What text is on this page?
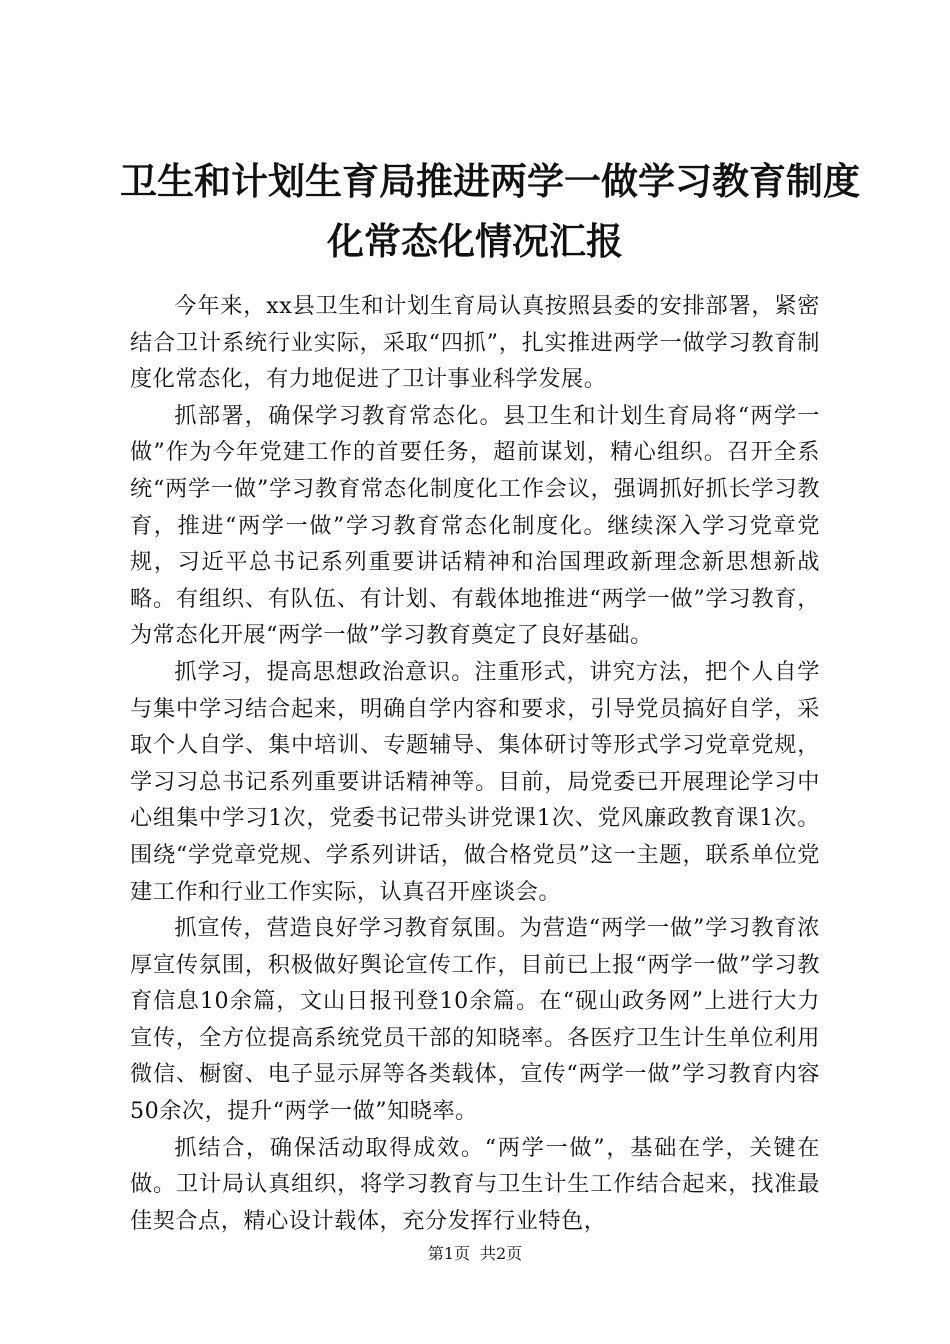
卫生和计划生育局推进两学一做学习教育制度
化常态化情况汇报

今年来，xx县卫生和计划生育局认真按照县委的安排部署，紧密结合卫计系统行业实际，采取“四抓”，扎实推进两学一做学习教育制度化常态化，有力地促进了卫计事业科学发展。

抓部署，确保学习教育常态化。县卫生和计划生育局将“两学一做”作为今年党建工作的首要任务，超前谋划，精心组织。召开全系统“两学一做”学习教育常态化制度化工作会议，强调抓好抓长学习教育，推进“两学一做”学习教育常态化制度化。继续深入学习党章党规，习近平总书记系列重要讲话精神和治国理政新理念新思想新战略。有组织、有队伍、有计划、有载体地推进“两学一做”学习教育，为常态化开展“两学一做”学习教育奠定了良好基础。

抓学习，提高思想政治意识。注重形式，讲究方法，把个人自学与集中学习结合起来，明确自学内容和要求，引导党员搞好自学，采取个人自学、集中培训、专题辅导、集体研讨等形式学习党章党规，学习习总书记系列重要讲话精神等。目前，局党委已开展理论学习中心组集中学习1次，党委书记带头讲党课1次、党风廉政教育课1次。围绕“学党章党规、学系列讲话，做合格党员”这一主题，联系单位党建工作和行业工作实际，认真召开座谈会。

抓宣传，营造良好学习教育氛围。为营造“两学一做”学习教育浓厚宣传氛围，积极做好舆论宣传工作，目前已上报“两学一做”学习教育信息10余篇，文山日报刊登10余篇。在“砚山政务网”上进行大力宣传，全方位提高系统党员干部的知晓率。各医疗卫生计生单位利用微信、橱窗、电子显示屏等各类载体，宣传“两学一做”学习教育内容50余次，提升“两学一做”知晓率。

抓结合，确保活动取得成效。“两学一做”，基础在学，关键在做。卫计局认真组织，将学习教育与卫生计生工作结合起来，找准最佳契合点，精心设计载体，充分发挥行业特色，

第1页 共2页
